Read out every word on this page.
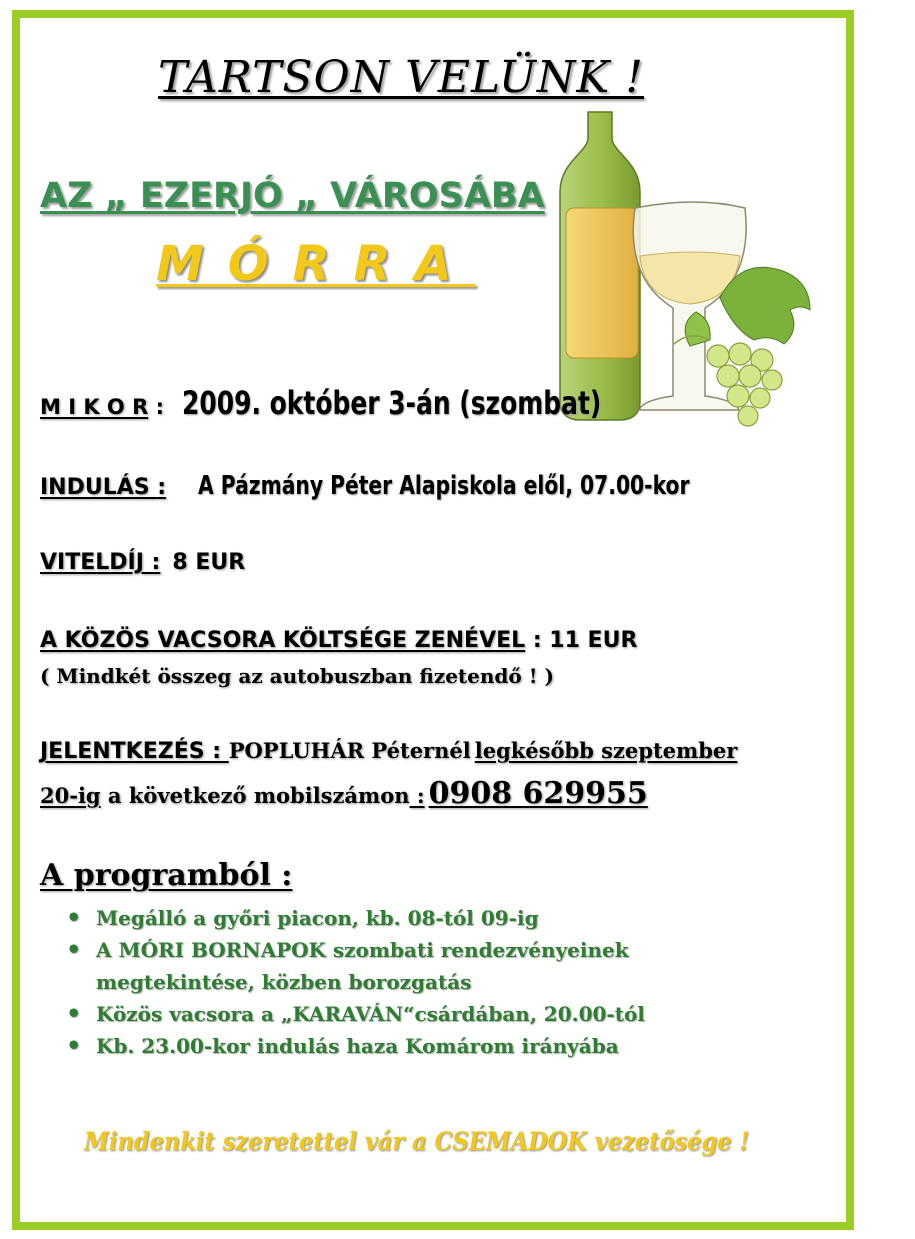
TARTSON VELÜNK !
AZ „ EZERJÓ „ VÁROSÁBA
MÓRRA
M I K O R : 2009. október 3-án (szombat)
INDULÁS : A Pázmány Péter Alapiskola elől, 07.00-kor
VITELDÍJ : 8 EUR
A KÖZÖS VACSORA KÖLTSÉGE ZENÉVEL : 11 EUR
( Mindkét összeg az autobuszban fizetendő ! )
JELENTKEZÉS : POPLUHÁR Péternél legkésőbb szeptember
20-ig a következő mobilszámon : 0908 629955
A programból :
• Megálló a győri piacon, kb. 08-tól 09-ig
• A MÓRI BORNAPOK szombati rendezvényeinek
megtekintése, közben borozgatás
• Közös vacsora a „KARAVÁN“csárdában, 20.00-tól
• Kb. 23.00-kor indulás haza Komárom irányába
Mindenkit szeretettel vár a CSEMADOK vezetősége !
